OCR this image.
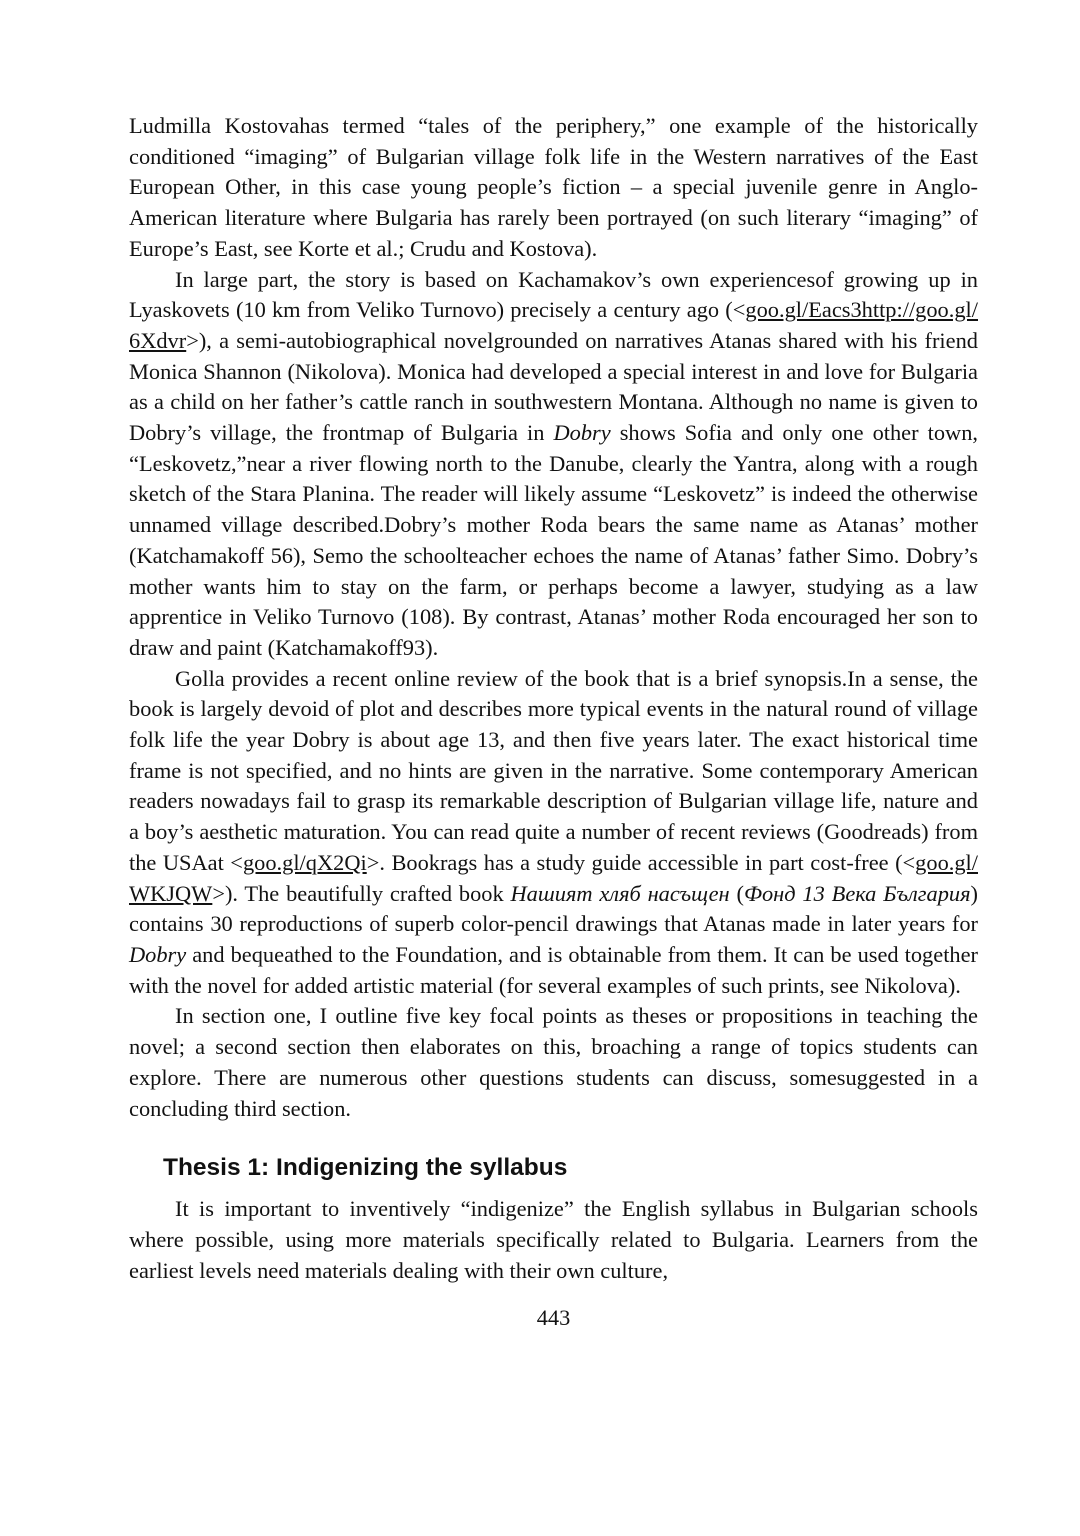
Ludmilla Kostovahas termed “tales of the periphery,” one example of the historically conditioned “imaging” of Bulgarian village folk life in the Western narratives of the East European Other, in this case young people’s fiction – a special juvenile genre in Anglo-American literature where Bulgaria has rarely been portrayed (on such literary “imaging” of Europe’s East, see Korte et al.; Crudu and Kostova).

In large part, the story is based on Kachamakov’s own experiencesof growing up in Lyaskovets (10 km from Veliko Turnovo) precisely a century ago (<goo.gl/Eacs3http://goo.gl/6Xdvr>), a semi-autobiographical novelgrounded on narratives Atanas shared with his friend Monica Shannon (Nikolova). Monica had developed a special interest in and love for Bulgaria as a child on her father’s cattle ranch in southwestern Montana. Although no name is given to Dobry’s village, the frontmap of Bulgaria in Dobry shows Sofia and only one other town, “Leskovetz,”near a river flowing north to the Danube, clearly the Yantra, along with a rough sketch of the Stara Planina. The reader will likely assume “Leskovetz” is indeed the otherwise unnamed village described.Dobry’s mother Roda bears the same name as Atanas’ mother (Katchamakoff 56), Semo the schoolteacher echoes the name of Atanas’ father Simo. Dobry’s mother wants him to stay on the farm, or perhaps become a lawyer, studying as a law apprentice in Veliko Turnovo (108). By contrast, Atanas’ mother Roda encouraged her son to draw and paint (Katchamakoff93).

Golla provides a recent online review of the book that is a brief synopsis.In a sense, the book is largely devoid of plot and describes more typical events in the natural round of village folk life the year Dobry is about age 13, and then five years later. The exact historical time frame is not specified, and no hints are given in the narrative. Some contemporary American readers nowadays fail to grasp its remarkable description of Bulgarian village life, nature and a boy’s aesthetic maturation. You can read quite a number of recent reviews (Goodreads) from the USAat <goo.gl/qX2Qi>. Bookrags has a study guide accessible in part cost-free (<goo.gl/WKJQW>). The beautifully crafted book Нашият хляб насъщен (Фонд 13 Века България) contains 30 reproductions of superb color-pencil drawings that Atanas made in later years for Dobry and bequeathed to the Foundation, and is obtainable from them. It can be used together with the novel for added artistic material (for several examples of such prints, see Nikolova).

In section one, I outline five key focal points as theses or propositions in teaching the novel; a second section then elaborates on this, broaching a range of topics students can explore. There are numerous other questions students can discuss, somesuggested in a concluding third section.

Thesis 1: Indigenizing the syllabus

It is important to inventively “indigenize” the English syllabus in Bulgarian schools where possible, using more materials specifically related to Bulgaria. Learners from the earliest levels need materials dealing with their own culture,

443
